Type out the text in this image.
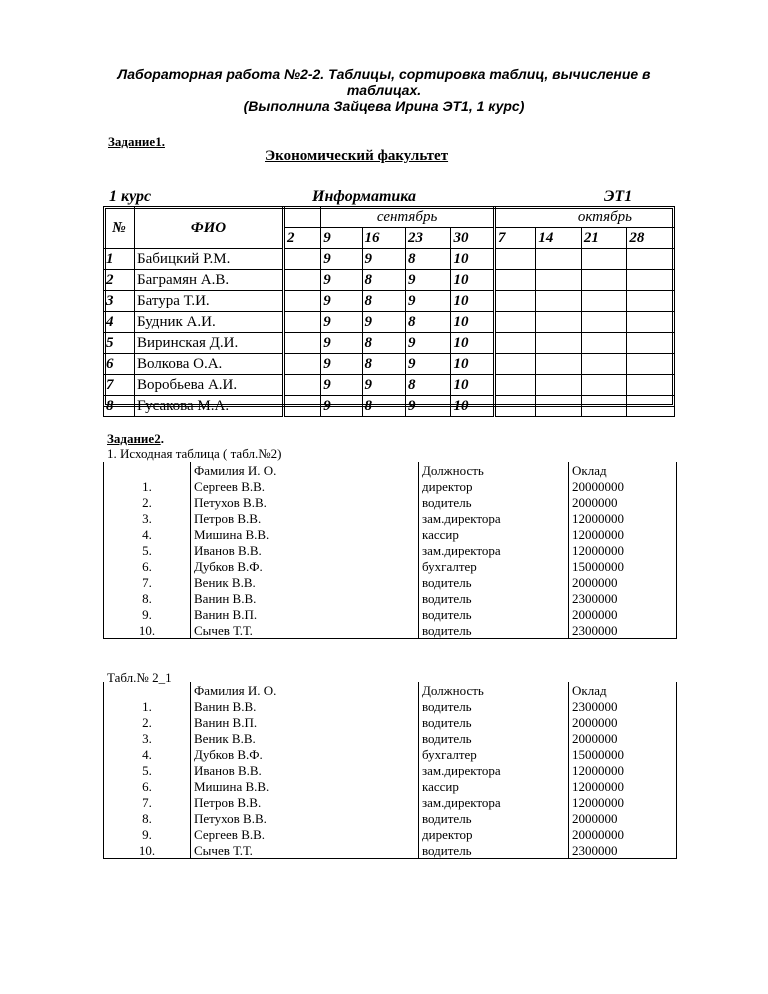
Лабораторная работа №2-2. Таблицы, сортировка таблиц, вычисление в
таблицах.
(Выполнила Зайцева Ирина ЭТ1, 1 курс)
Задание1.
Экономический факультет
1 курс	Информатика	ЭТ1
№	ФИО		сентябрь					октябрь		
		2	9	16	23	30	7	14	21	28
1	Бабицкий Р.М.		9	9	8	10				
2	Баграмян А.В.		9	8	9	10				
3	Батура Т.И.		9	8	9	10				
4	Будник А.И.		9	9	8	10				
5	Виринская Д.И.		9	8	9	10				
6	Волкова О.А.		9	8	9	10				
7	Воробьева А.И.		9	9	8	10				
8	Гусакова М.А.		9	8	9	10				
Задание2.
1. Исходная таблица ( табл.№2)
	Фамилия И. О.	Должность	Оклад
1.	Сергеев В.В.	директор	20000000
2.	Петухов В.В.	водитель	2000000
3.	Петров В.В.	зам.директора	12000000
4.	Мишина В.В.	кассир	12000000
5.	Иванов В.В.	зам.директора	12000000
6.	Дубков В.Ф.	бухгалтер	15000000
7.	Веник В.В.	водитель	2000000
8.	Ванин В.В.	водитель	2300000
9.	Ванин В.П.	водитель	2000000
10.	Сычев Т.Т.	водитель	2300000
Табл.№ 2_1
	Фамилия И. О.	Должность	Оклад
1.	Ванин В.В.	водитель	2300000
2.	Ванин В.П.	водитель	2000000
3.	Веник В.В.	водитель	2000000
4.	Дубков В.Ф.	бухгалтер	15000000
5.	Иванов В.В.	зам.директора	12000000
6.	Мишина В.В.	кассир	12000000
7.	Петров В.В.	зам.директора	12000000
8.	Петухов В.В.	водитель	2000000
9.	Сергеев В.В.	директор	20000000
10.	Сычев Т.Т.	водитель	2300000
